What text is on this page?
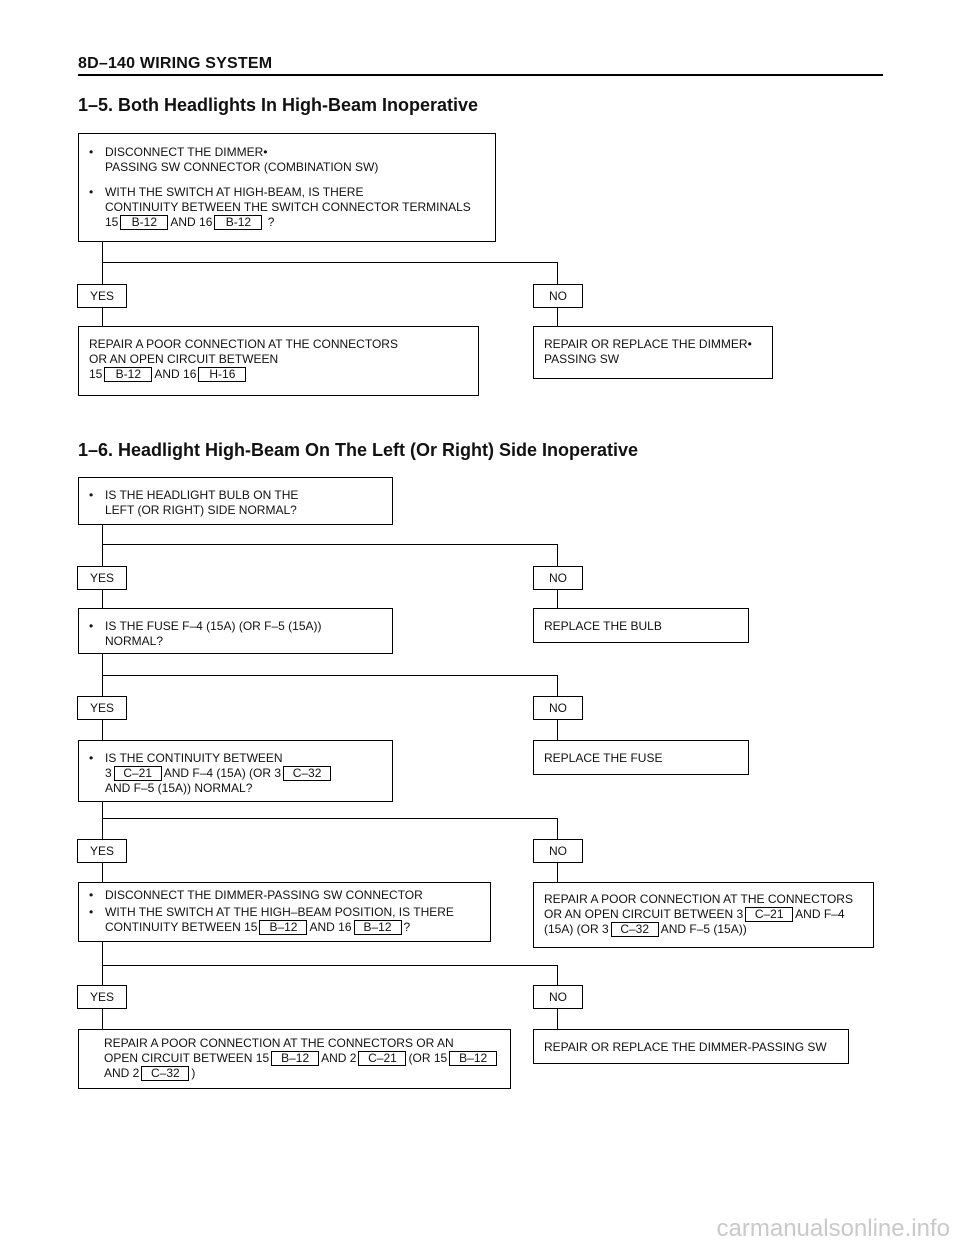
8D–140 WIRING SYSTEM
1–5. Both Headlights In High-Beam Inoperative
• DISCONNECT THE DIMMER•
PASSING SW CONNECTOR (COMBINATION SW)
• WITH THE SWITCH AT HIGH-BEAM, IS THERE
CONTINUITY BETWEEN THE SWITCH CONNECTOR TERMINALS
15 B-12 AND 16 B-12 ?
YES	NO
REPAIR A POOR CONNECTION AT THE CONNECTORS
OR AN OPEN CIRCUIT BETWEEN
15 B-12 AND 16 H-16
REPAIR OR REPLACE THE DIMMER•
PASSING SW
1–6. Headlight High-Beam On The Left (Or Right) Side Inoperative
• IS THE HEADLIGHT BULB ON THE
LEFT (OR RIGHT) SIDE NORMAL?
YES	NO
• IS THE FUSE F–4 (15A) (OR F–5 (15A))
NORMAL?
REPLACE THE BULB
YES	NO
• IS THE CONTINUITY BETWEEN
3 C–21 AND F–4 (15A) (OR 3 C–32
AND F–5 (15A)) NORMAL?
REPLACE THE FUSE
YES	NO
• DISCONNECT THE DIMMER-PASSING SW CONNECTOR
• WITH THE SWITCH AT THE HIGH–BEAM POSITION, IS THERE
CONTINUITY BETWEEN 15 B–12 AND 16 B–12 ?
REPAIR A POOR CONNECTION AT THE CONNECTORS
OR AN OPEN CIRCUIT BETWEEN 3 C–21 AND F–4
(15A) (OR 3 C–32 AND F–5 (15A))
YES	NO
REPAIR A POOR CONNECTION AT THE CONNECTORS OR AN
OPEN CIRCUIT BETWEEN 15 B–12 AND 2 C–21 (OR 15 B–12
AND 2 C–32 )
REPAIR OR REPLACE THE DIMMER-PASSING SW
carmanualsonline.info
